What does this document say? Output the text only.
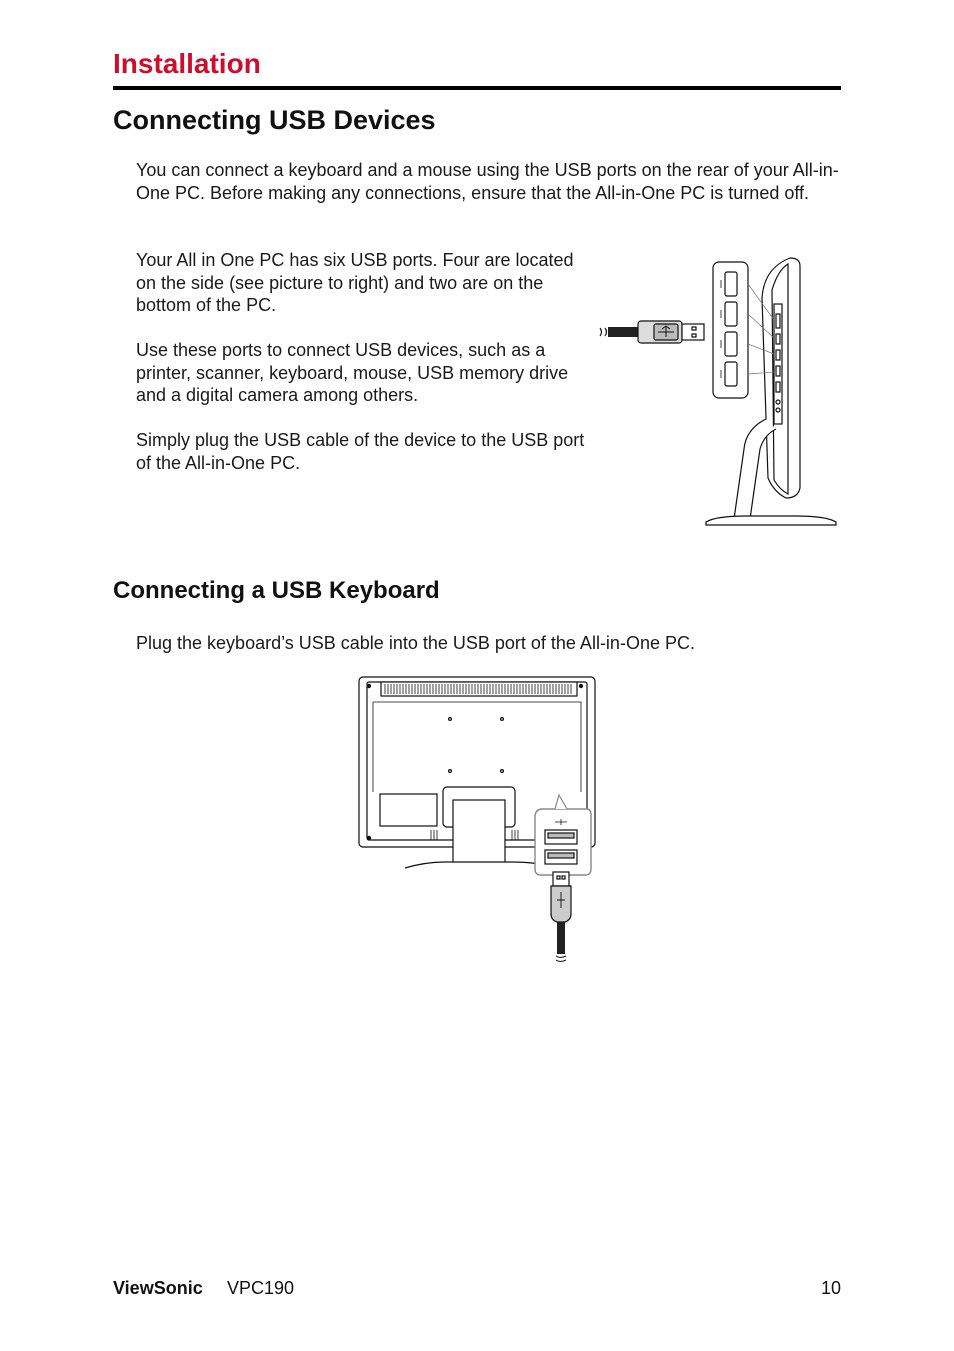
Installation
Connecting USB Devices

You can connect a keyboard and a mouse using the USB ports on the rear of your All-in-One PC. Before making any connections, ensure that the All-in-One PC is turned off.

Your All in One PC has six USB ports. Four are located on the side (see picture to right) and two are on the bottom of the PC.

Use these ports to connect USB devices, such as a printer, scanner, keyboard, mouse, USB memory drive and a digital camera among others.

Simply plug the USB cable of the device to the USB port of the All-in-One PC.

Connecting a USB Keyboard

Plug the keyboard’s USB cable into the USB port of the All-in-One PC.

ViewSonic VPC190	10
